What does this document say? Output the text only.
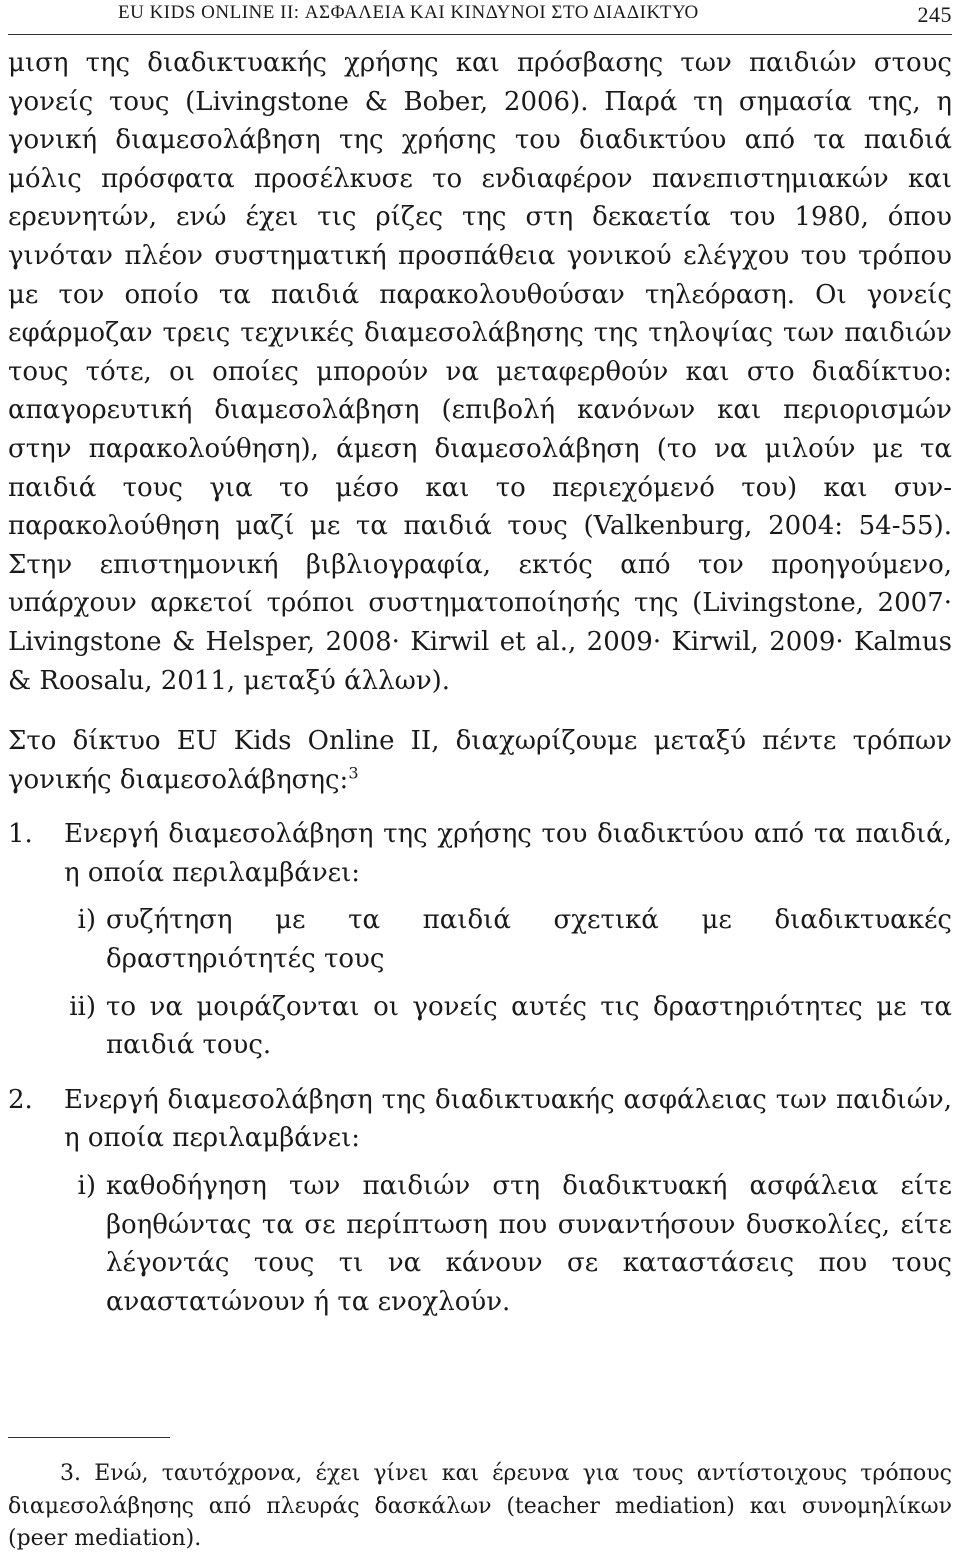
EU KIDS ONLINE II: ΑΣΦΑΛΕΙΑ ΚΑΙ ΚΙΝΔΥΝΟΙ ΣΤΟ ΔΙΑΔΙΚΤΥΟ	245

μιση της διαδικτυακής χρήσης και πρόσβασης των παιδιών στους γονείς τους (Livingstone & Bober, 2006). Παρά τη σημασία της, η γονική διαμεσολάβηση της χρήσης του διαδικτύου από τα παιδιά μόλις πρόσφατα προσέλκυσε το ενδιαφέρον πανεπιστημιακών και ερευνητών, ενώ έχει τις ρίζες της στη δεκαετία του 1980, όπου γινόταν πλέον συστηματική προσπάθεια γονικού ελέγχου του τρόπου με τον οποίο τα παιδιά παρακολουθούσαν τηλεόραση. Οι γονείς εφάρμοζαν τρεις τεχνικές διαμεσολάβησης της τηλοψίας των παιδιών τους τότε, οι οποίες μπορούν να μεταφερθούν και στο διαδίκτυο: απαγορευτική διαμεσολάβηση (επιβολή κανόνων και περιορισμών στην παρακολούθηση), άμεση διαμεσολάβηση (το να μιλούν με τα παιδιά τους για το μέσο και το περιεχόμενό του) και συν-παρακολούθηση μαζί με τα παιδιά τους (Valkenburg, 2004: 54-55). Στην επιστημονική βιβλιογραφία, εκτός από τον προηγούμενο, υπάρχουν αρκετοί τρόποι συστηματοποίησής της (Livingstone, 2007· Livingstone & Helsper, 2008· Kirwil et al., 2009· Kirwil, 2009· Kalmus & Roosalu, 2011, μεταξύ άλλων).

Στο δίκτυο EU Kids Online II, διαχωρίζουμε μεταξύ πέντε τρόπων γονικής διαμεσολάβησης:$^3$

1. Ενεργή διαμεσολάβηση της χρήσης του διαδικτύου από τα παιδιά, η οποία περιλαμβάνει:
i) συζήτηση με τα παιδιά σχετικά με διαδικτυακές δραστηριότητές τους
ii) το να μοιράζονται οι γονείς αυτές τις δραστηριότητες με τα παιδιά τους.
2. Ενεργή διαμεσολάβηση της διαδικτυακής ασφάλειας των παιδιών, η οποία περιλαμβάνει:
i) καθοδήγηση των παιδιών στη διαδικτυακή ασφάλεια είτε βοηθώντας τα σε περίπτωση που συναντήσουν δυσκολίες, είτε λέγοντάς τους τι να κάνουν σε καταστάσεις που τους αναστατώνουν ή τα ενοχλούν.
3. Ενώ, ταυτόχρονα, έχει γίνει και έρευνα για τους αντίστοιχους τρόπους διαμεσολάβησης από πλευράς δασκάλων (teacher mediation) και συνομηλίκων (peer mediation).
